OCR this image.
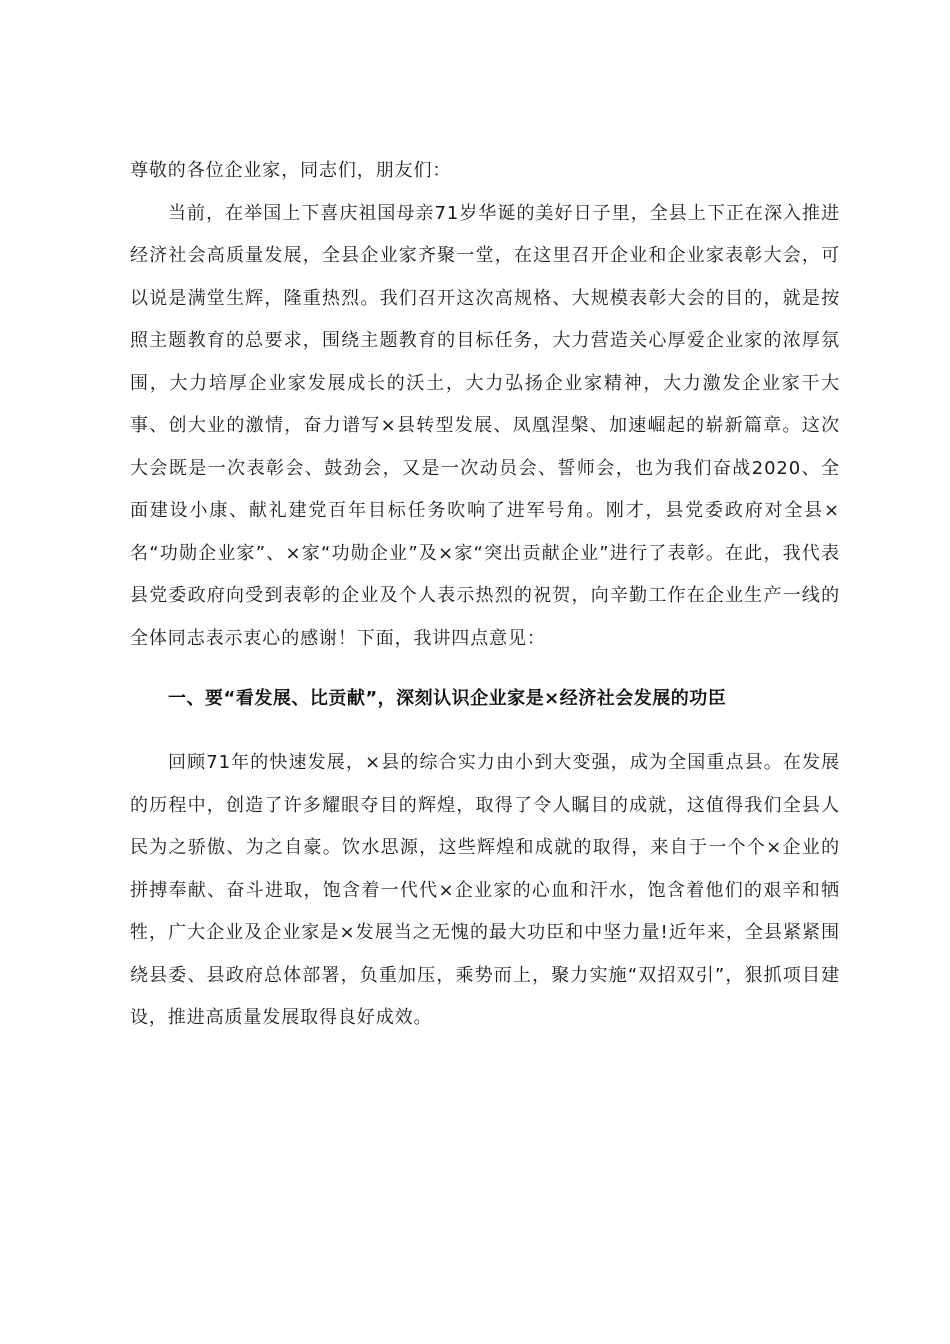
尊敬的各位企业家，同志们，朋友们：

当前，在举国上下喜庆祖国母亲71岁华诞的美好日子里，全县上下正在深入推进经济社会高质量发展，全县企业家齐聚一堂，在这里召开企业和企业家表彰大会，可以说是满堂生辉，隆重热烈。我们召开这次高规格、大规模表彰大会的目的，就是按照主题教育的总要求，围绕主题教育的目标任务，大力营造关心厚爱企业家的浓厚氛围，大力培厚企业家发展成长的沃土，大力弘扬企业家精神，大力激发企业家干大事、创大业的激情，奋力谱写×县转型发展、凤凰涅槃、加速崛起的崭新篇章。这次大会既是一次表彰会、鼓劲会，又是一次动员会、誓师会，也为我们奋战2020、全面建设小康、献礼建党百年目标任务吹响了进军号角。刚才，县党委政府对全县×名“功勋企业家”、×家“功勋企业”及×家“突出贡献企业”进行了表彰。在此，我代表县党委政府向受到表彰的企业及个人表示热烈的祝贺，向辛勤工作在企业生产一线的全体同志表示衷心的感谢！下面，我讲四点意见：

一、要“看发展、比贡献”，深刻认识企业家是×经济社会发展的功臣

回顾71年的快速发展，×县的综合实力由小到大变强，成为全国重点县。在发展的历程中，创造了许多耀眼夺目的辉煌，取得了令人瞩目的成就，这值得我们全县人民为之骄傲、为之自豪。饮水思源，这些辉煌和成就的取得，来自于一个个×企业的拼搏奉献、奋斗进取，饱含着一代代×企业家的心血和汗水，饱含着他们的艰辛和牺牲，广大企业及企业家是×发展当之无愧的最大功臣和中坚力量!近年来，全县紧紧围绕县委、县政府总体部署，负重加压，乘势而上，聚力实施“双招双引”，狠抓项目建设，推进高质量发展取得良好成效。
